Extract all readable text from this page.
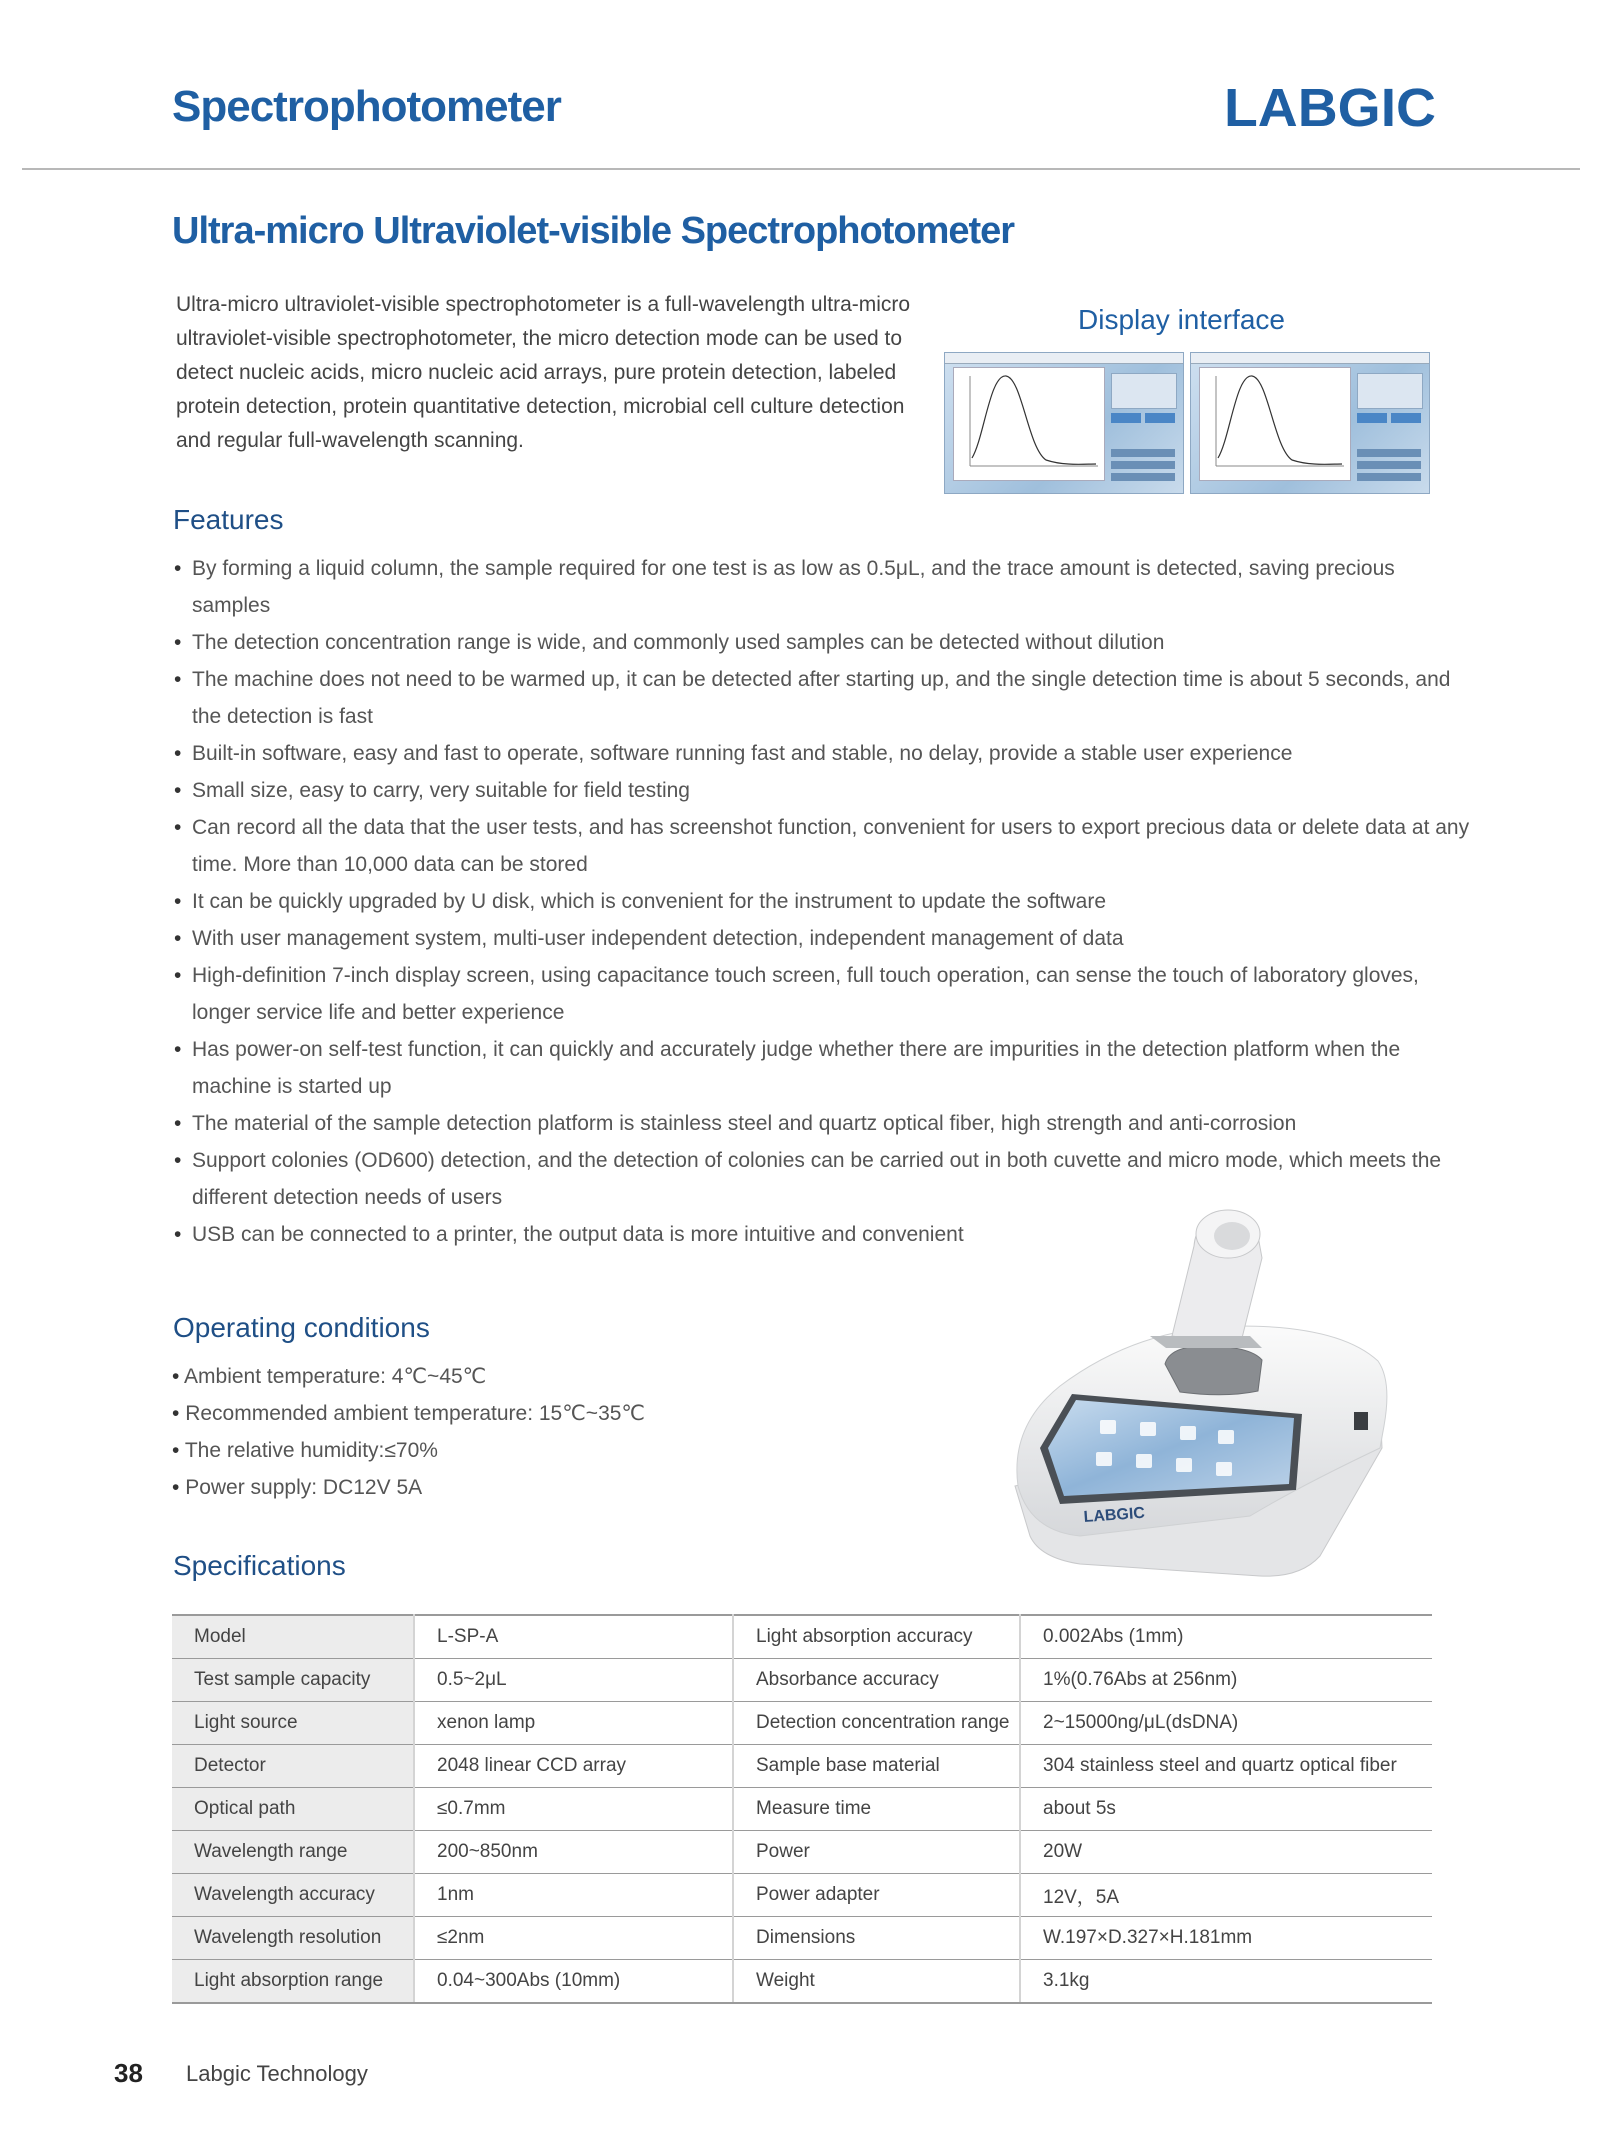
Spectrophotometer	LABGIC
Ultra-micro Ultraviolet-visible Spectrophotometer

Ultra-micro ultraviolet-visible spectrophotometer is a full-wavelength ultra-micro ultraviolet-visible spectrophotometer, the micro detection mode can be used to detect nucleic acids, micro nucleic acid arrays, pure protein detection, labeled protein detection, protein quantitative detection, microbial cell culture detection and regular full-wavelength scanning.

Display interface
Features
• By forming a liquid column, the sample required for one test is as low as 0.5μL, and the trace amount is detected, saving precious samples
• The detection concentration range is wide, and commonly used samples can be detected without dilution
• The machine does not need to be warmed up, it can be detected after starting up, and the single detection time is about 5 seconds, and the detection is fast
• Built-in software, easy and fast to operate, software running fast and stable, no delay, provide a stable user experience
• Small size, easy to carry, very suitable for field testing
• Can record all the data that the user tests, and has screenshot function, convenient for users to export precious data or delete data at any time. More than 10,000 data can be stored
• It can be quickly upgraded by U disk, which is convenient for the instrument to update the software
• With user management system, multi-user independent detection, independent management of data
• High-definition 7-inch display screen, using capacitance touch screen, full touch operation, can sense the touch of laboratory gloves, longer service life and better experience
• Has power-on self-test function, it can quickly and accurately judge whether there are impurities in the detection platform when the machine is started up
• The material of the sample detection platform is stainless steel and quartz optical fiber, high strength and anti-corrosion
• Support colonies (OD600) detection, and the detection of colonies can be carried out in both cuvette and micro mode, which meets the different detection needs of users
• USB can be connected to a printer, the output data is more intuitive and convenient
Operating conditions
• Ambient temperature: 4℃~45℃
• Recommended ambient temperature: 15℃~35℃
• The relative humidity:≤70%
• Power supply: DC12V 5A
LABGIC
Specifications
Model	L-SP-A	Light absorption accuracy	0.002Abs (1mm)
Test sample capacity	0.5~2μL	Absorbance accuracy	1%(0.76Abs at 256nm)
Light source	xenon lamp	Detection concentration range	2~15000ng/μL(dsDNA)
Detector	2048 linear CCD array	Sample base material	304 stainless steel and quartz optical fiber
Optical path	≤0.7mm	Measure time	about 5s
Wavelength range	200~850nm	Power	20W
Wavelength accuracy	1nm	Power adapter	12V，5A
Wavelength resolution	≤2nm	Dimensions	W.197×D.327×H.181mm
Light absorption range	0.04~300Abs (10mm)	Weight	3.1kg
38 Labgic Technology
